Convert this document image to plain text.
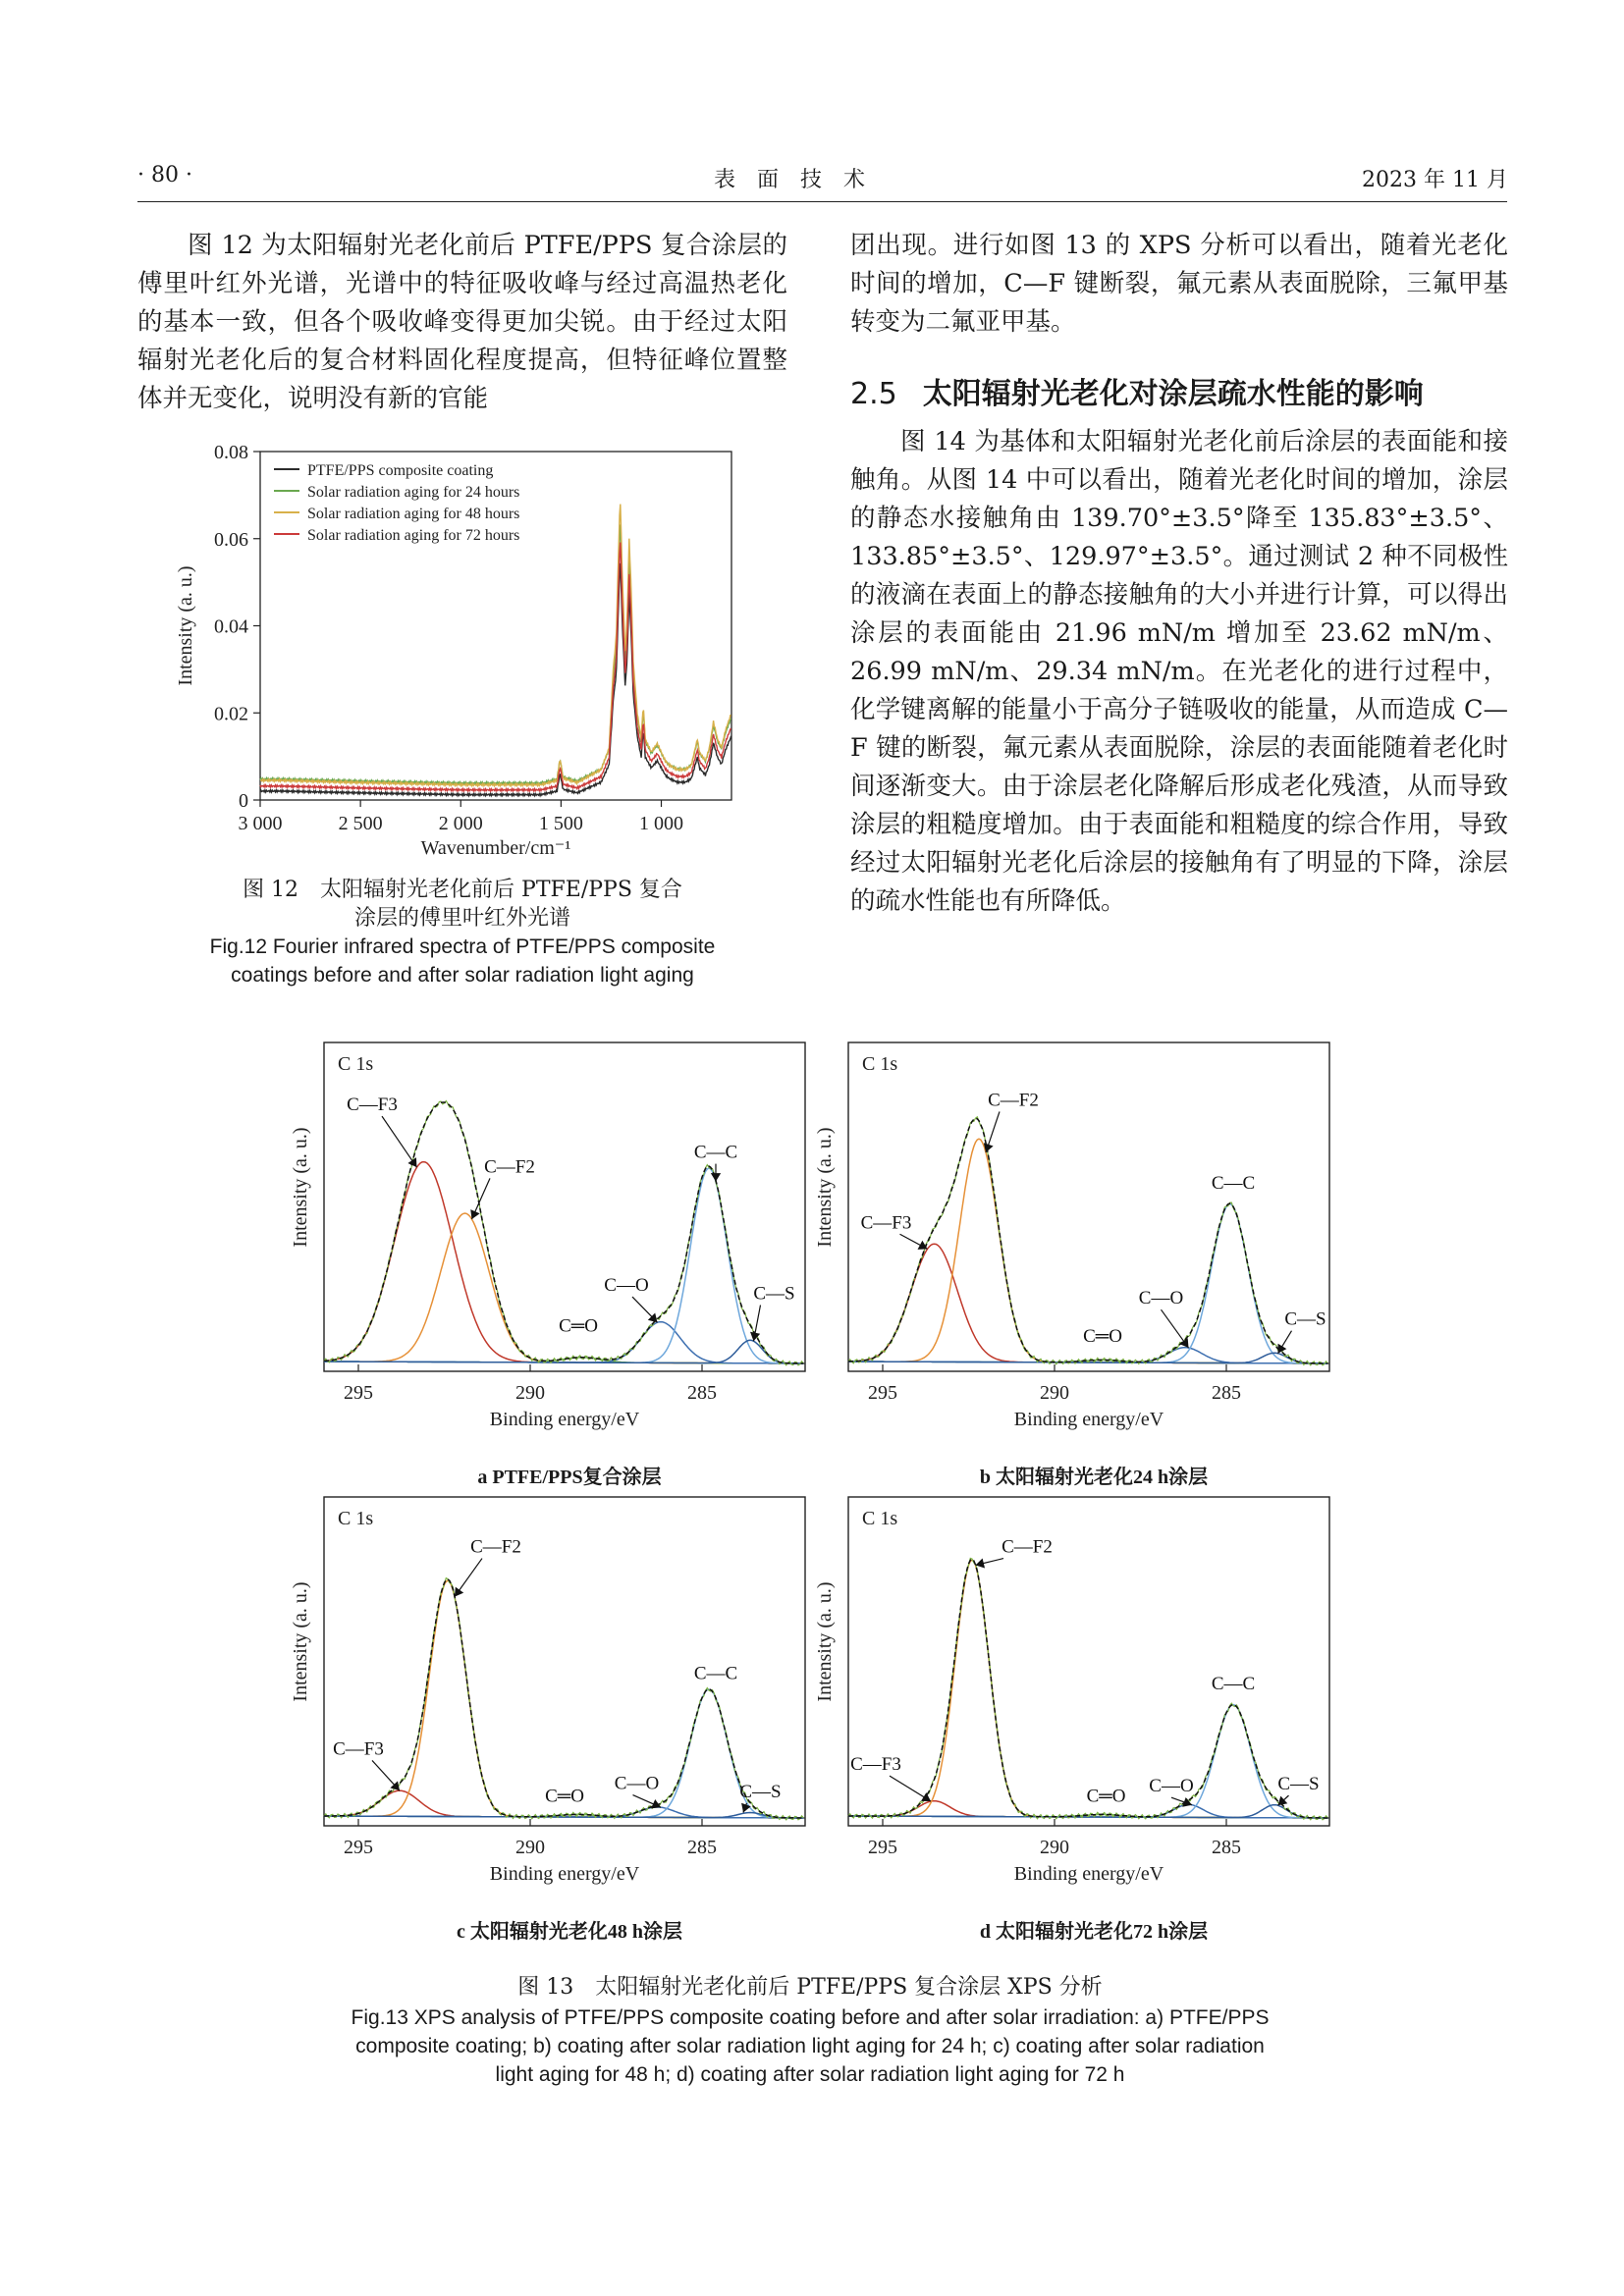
· 80 ·	表　面　技　术	2023 年 11 月

图 12 为太阳辐射光老化前后 PTFE/PPS 复合涂层的傅里叶红外光谱，光谱中的特征吸收峰与经过高温热老化的基本一致，但各个吸收峰变得更加尖锐。由于经过太阳辐射光老化后的复合材料固化程度提高，但特征峰位置整体并无变化，说明没有新的官能

团出现。进行如图 13 的 XPS 分析可以看出，随着光老化时间的增加，C—F 键断裂，氟元素从表面脱除，三氟甲基转变为二氟亚甲基。

2.5 太阳辐射光老化对涂层疏水性能的影响

图 14 为基体和太阳辐射光老化前后涂层的表面能和接触角。从图 14 中可以看出，随着光老化时间的增加，涂层的静态水接触角由 139.70°±3.5°降至 135.83°±3.5°、133.85°±3.5°、129.97°±3.5°。通过测试 2 种不同极性的液滴在表面上的静态接触角的大小并进行计算，可以得出涂层的表面能由 21.96 mN/m 增加至 23.62 mN/m、26.99 mN/m、29.34 mN/m。在光老化的进行过程中，化学键离解的能量小于高分子链吸收的能量，从而造成 C—F 键的断裂，氟元素从表面脱除，涂层的表面能随着老化时间逐渐变大。由于涂层老化降解后形成老化残渣，从而导致涂层的粗糙度增加。由于表面能和粗糙度的综合作用，导致经过太阳辐射光老化后涂层的接触角有了明显的下降，涂层的疏水性能也有所降低。

3 000	2 500	2 000	1 500	1 000
0
0.02
0.04
0.06
0.08
Wavenumber/cm⁻¹
Intensity (a. u.)
PTFE/PPS composite coating
Solar radiation aging for 24 hours
Solar radiation aging for 48 hours
Solar radiation aging for 72 hours
图 12　太阳辐射光老化前后 PTFE/PPS 复合
涂层的傅里叶红外光谱
Fig.12 Fourier infrared spectra of PTFE/PPS composite
coatings before and after solar radiation light aging
295	290	285
Binding energy/eV
Intensity (a. u.)
C 1s
C—F3
C—F2
C═O
C—O
C—C
C—S
a PTFE/PPS复合涂层
295	290	285
Binding energy/eV
Intensity (a. u.)
C 1s
C—F3
C—F2
C═O
C—O
C—C
C—S
b 太阳辐射光老化24 h涂层
295	290	285
Binding energy/eV
Intensity (a. u.)
C 1s
C—F3
C—F2
C═O
C—O
C—C
C—S
c 太阳辐射光老化48 h涂层
295	290	285
Binding energy/eV
Intensity (a. u.)
C 1s
C—F3
C—F2
C═O C—O
C—C
C—S
d 太阳辐射光老化72 h涂层
图 13　太阳辐射光老化前后 PTFE/PPS 复合涂层 XPS 分析
Fig.13 XPS analysis of PTFE/PPS composite coating before and after solar irradiation: a) PTFE/PPS
composite coating; b) coating after solar radiation light aging for 24 h; c) coating after solar radiation
light aging for 48 h; d) coating after solar radiation light aging for 72 h
